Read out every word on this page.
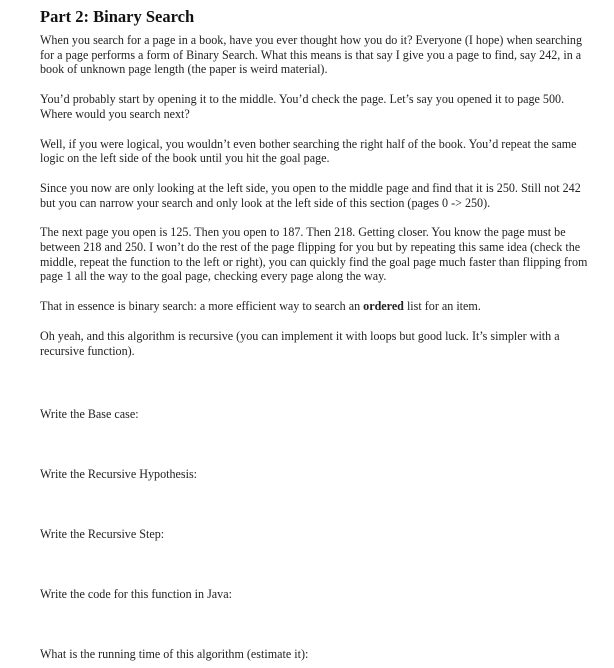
Part 2: Binary Search

When you search for a page in a book, have you ever thought how you do it? Everyone (I hope) when searching for a page performs a form of Binary Search. What this means is that say I give you a page to find, say 242, in a book of unknown page length (the paper is weird material).

You’d probably start by opening it to the middle. You’d check the page. Let’s say you opened it to page 500. Where would you search next?

Well, if you were logical, you wouldn’t even bother searching the right half of the book. You’d repeat the same logic on the left side of the book until you hit the goal page.

Since you now are only looking at the left side, you open to the middle page and find that it is 250. Still not 242 but you can narrow your search and only look at the left side of this section (pages 0 -> 250).

The next page you open is 125. Then you open to 187. Then 218. Getting closer. You know the page must be between 218 and 250. I won’t do the rest of the page flipping for you but by repeating this same idea (check the middle, repeat the function to the left or right), you can quickly find the goal page much faster than flipping from page 1 all the way to the goal page, checking every page along the way.

That in essence is binary search: a more efficient way to search an ordered list for an item.

Oh yeah, and this algorithm is recursive (you can implement it with loops but good luck. It’s simpler with a recursive function).

Write the Base case:

Write the Recursive Hypothesis:

Write the Recursive Step:

Write the code for this function in Java:

What is the running time of this algorithm (estimate it):
